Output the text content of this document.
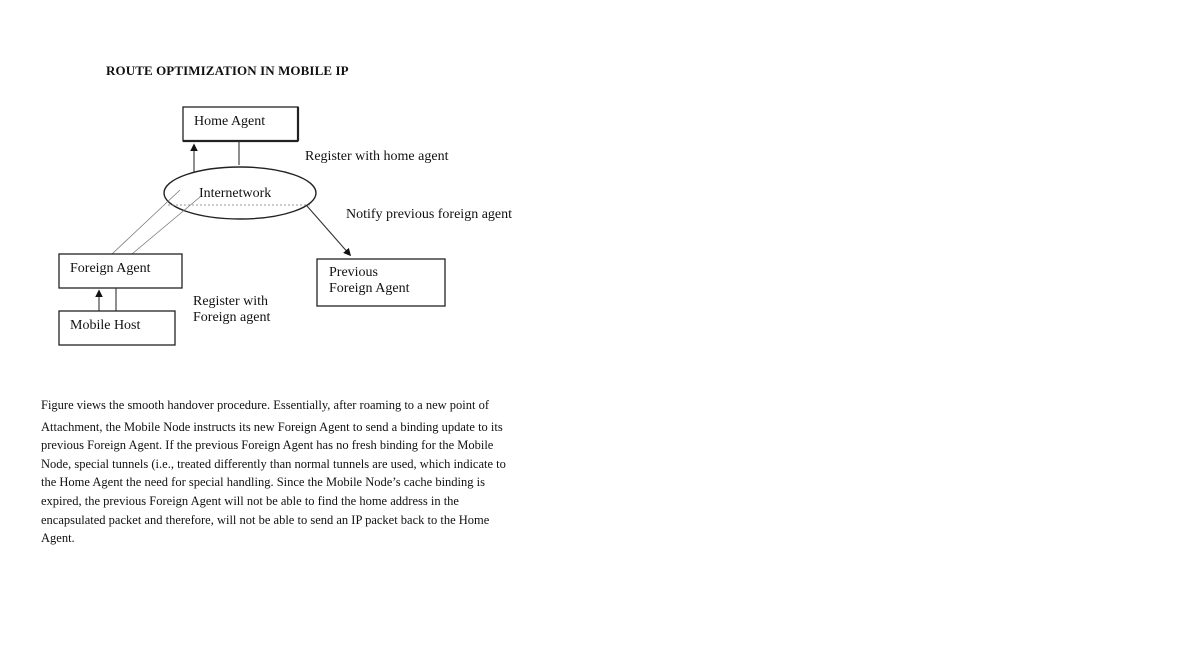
ROUTE OPTIMIZATION IN MOBILE IP
Home Agent
Internetwork
Register with home agent
Notify previous foreign agent
Foreign Agent
Mobile Host
Register with
Foreign agent
Previous
Foreign Agent

Figure views the smooth handover procedure. Essentially, after roaming to a new point of
Attachment, the Mobile Node instructs its new Foreign Agent to send a binding update to its
previous Foreign Agent. If the previous Foreign Agent has no fresh binding for the Mobile
Node, special tunnels (i.e., treated differently than normal tunnels are used, which indicate to
the Home Agent the need for special handling. Since the Mobile Node’s cache binding is
expired, the previous Foreign Agent will not be able to find the home address in the
encapsulated packet and therefore, will not be able to send an IP packet back to the Home
Agent.
